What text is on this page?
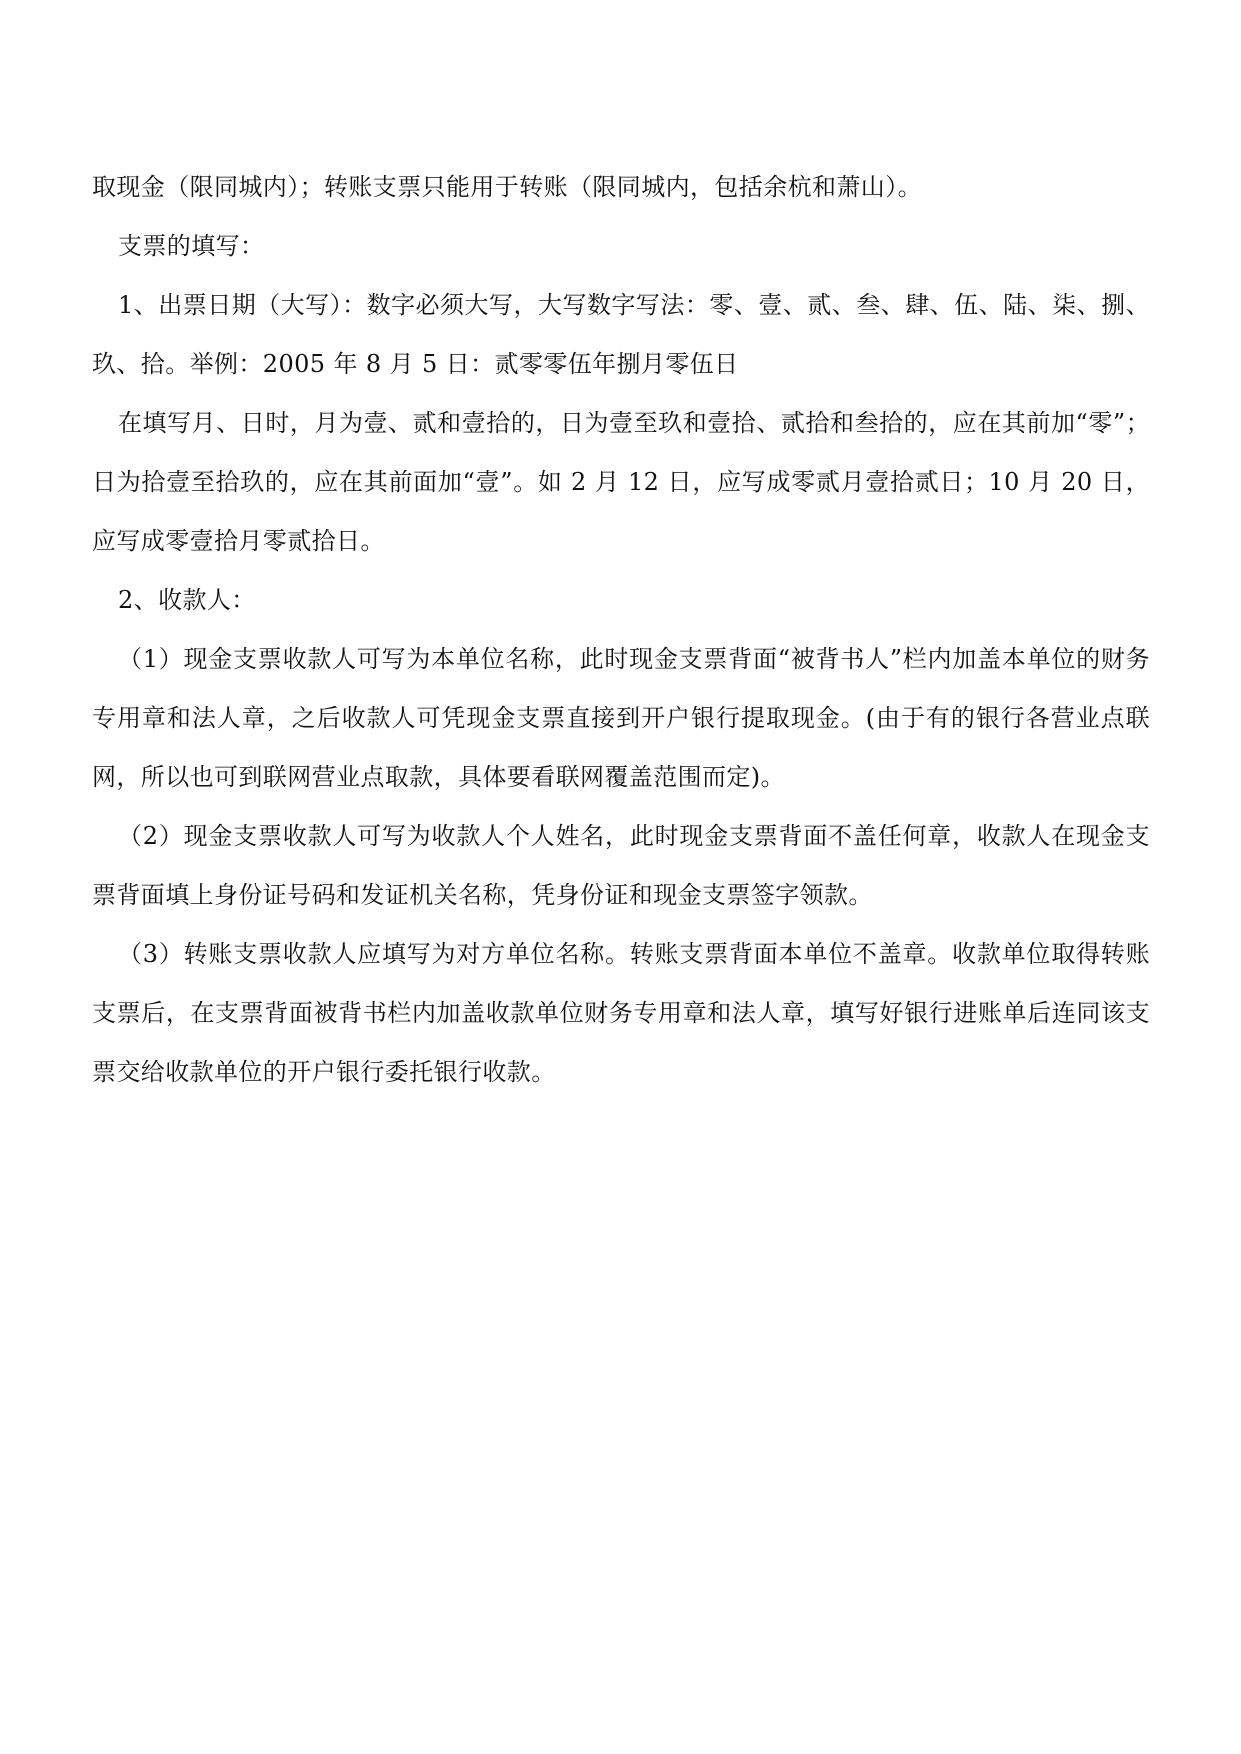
取现金（限同城内）；转账支票只能用于转账（限同城内，包括余杭和萧山）。

支票的填写：

1、出票日期（大写）：数字必须大写，大写数字写法：零、壹、贰、叁、肆、伍、陆、柒、捌、玖、拾。举例：2005 年 8 月 5 日：贰零零伍年捌月零伍日

在填写月、日时，月为壹、贰和壹拾的，日为壹至玖和壹拾、贰拾和叁拾的，应在其前加“零”；日为拾壹至拾玖的，应在其前面加“壹”。如 2 月 12 日，应写成零贰月壹拾贰日；10 月 20 日，应写成零壹拾月零贰拾日。

2、收款人：

（1）现金支票收款人可写为本单位名称，此时现金支票背面“被背书人”栏内加盖本单位的财务专用章和法人章，之后收款人可凭现金支票直接到开户银行提取现金。(由于有的银行各营业点联网，所以也可到联网营业点取款，具体要看联网覆盖范围而定)。

（2）现金支票收款人可写为收款人个人姓名，此时现金支票背面不盖任何章，收款人在现金支票背面填上身份证号码和发证机关名称，凭身份证和现金支票签字领款。

（3）转账支票收款人应填写为对方单位名称。转账支票背面本单位不盖章。收款单位取得转账支票后，在支票背面被背书栏内加盖收款单位财务专用章和法人章，填写好银行进账单后连同该支票交给收款单位的开户银行委托银行收款。
